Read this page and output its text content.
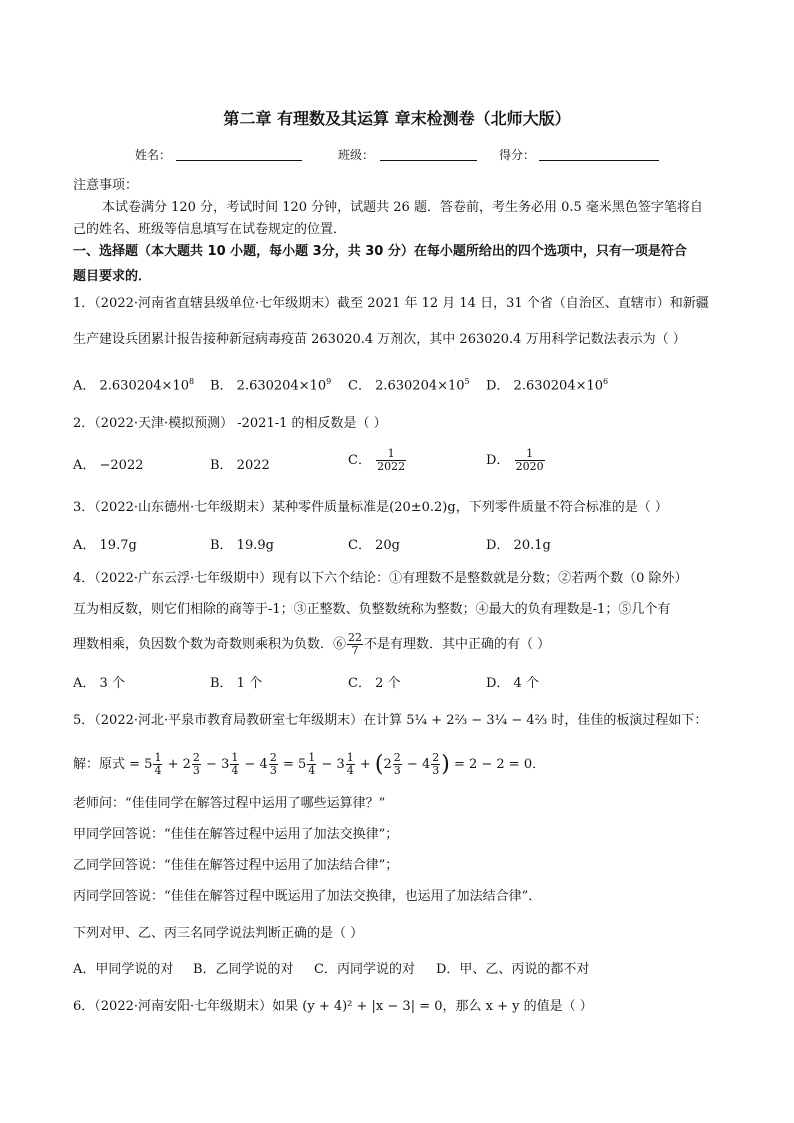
第二章 有理数及其运算 章末检测卷（北师大版）
姓名：	班级：	得分：
注意事项：
本试卷满分 120 分，考试时间 120 分钟，试题共 26 题．答卷前，考生务必用 0.5 毫米黑色签字笔将自
己的姓名、班级等信息填写在试卷规定的位置．
一、选择题（本大题共 10 小题，每小题 3分，共 30 分）在每小题所给出的四个选项中，只有一项是符合
题目要求的．
1．（2022·河南省直辖县级单位·七年级期末）截至 2021 年 12 月 14 日，31 个省（自治区、直辖市）和新疆
生产建设兵团累计报告接种新冠病毒疫苗 263020.4 万剂次，其中 263020.4 万用科学记数法表示为（ ）
A． $2.630204\times 10^8$ B． $2.630204\times 10^9$ C． $2.630204\times 10^5$ D． $2.630204\times 10^6$
2．（2022·天津·模拟预测） -2021-1 的相反数是（ ）
A． −2022	B． 2022	C． $\frac{1}{2022}$	D． $\frac{1}{2020}$
3．（2022·山东德州·七年级期末）某种零件质量标准是(20±0.2)g，下列零件质量不符合标准的是（ ）
A． 19.7g	B． 19.9g	C． 20g	D． 20.1g
4．（2022·广东云浮·七年级期中）现有以下六个结论：①有理数不是整数就是分数；②若两个数（0 除外）
互为相反数，则它们相除的商等于-1；③正整数、负整数统称为整数；④最大的负有理数是-1；⑤几个有
理数相乘，负因数个数为奇数则乘积为负数．⑥ $\frac{22}{7}$ 不是有理数．其中正确的有（ ）
A． 3 个	B． 1 个	C． 2 个	D． 4 个
5．（2022·河北·平泉市教育局教研室七年级期末）在计算 5¼ + 2⅔ − 3¼ − 4⅔ 时，佳佳的板演过程如下：
解：原式 = $5 \frac{1}{4} + 2 \frac{2}{3} - 3 \frac{1}{4} - 4 \frac{2}{3} = 5 \frac{1}{4} - 3 \frac{1}{4} + (2 \frac{2}{3} - 4 \frac{2}{3}$ ) = 2 − 2 = 0．
老师问：“佳佳同学在解答过程中运用了哪些运算律？”
甲同学回答说：“佳佳在解答过程中运用了加法交换律”；
乙同学回答说：“佳佳在解答过程中运用了加法结合律”；
丙同学回答说：“佳佳在解答过程中既运用了加法交换律，也运用了加法结合律”．
下列对甲、乙、丙三名同学说法判断正确的是（ ）
A．甲同学说的对 B．乙同学说的对 C．丙同学说的对 D．甲、乙、丙说的都不对
6．（2022·河南安阳·七年级期末）如果 (y + 4)² + |x − 3| = 0，那么 x + y 的值是（ ）
